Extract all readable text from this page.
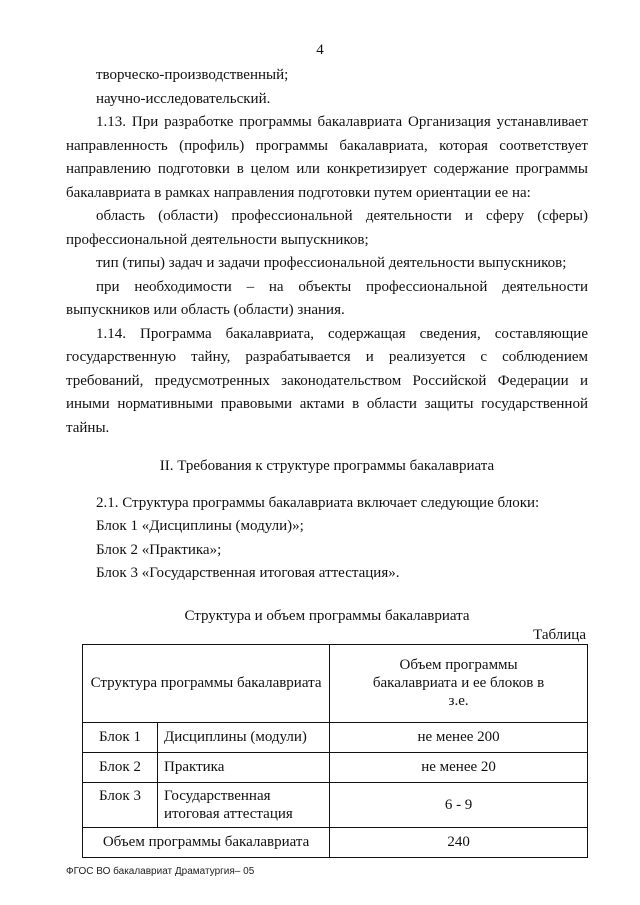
4

творческо-производственный;

научно-исследовательский.

1.13. При разработке программы бакалавриата Организация устанавливает направленность (профиль) программы бакалавриата, которая соответствует направлению подготовки в целом или конкретизирует содержание программы бакалавриата в рамках направления подготовки путем ориентации ее на:

область (области) профессиональной деятельности и сферу (сферы) профессиональной деятельности выпускников;

тип (типы) задач и задачи профессиональной деятельности выпускников;

при необходимости – на объекты профессиональной деятельности выпускников или область (области) знания.

1.14. Программа бакалавриата, содержащая сведения, составляющие государственную тайну, разрабатывается и реализуется с соблюдением требований, предусмотренных законодательством Российской Федерации и иными нормативными правовыми актами в области защиты государственной тайны.

II. Требования к структуре программы бакалавриата

2.1. Структура программы бакалавриата включает следующие блоки:

Блок 1 «Дисциплины (модули)»;

Блок 2 «Практика»;

Блок 3 «Государственная итоговая аттестация».

Структура и объем программы бакалавриата
Таблица
Структура программы бакалавриата		Объем программы бакалавриата и ее блоков в з.е.
Блок 1	Дисциплины (модули)	не менее 200
Блок 2	Практика	не менее 20
Блок 3	Государственная итоговая аттестация	6 - 9
Объем программы бакалавриата		240
ФГОС ВО бакалавриат Драматургия– 05
